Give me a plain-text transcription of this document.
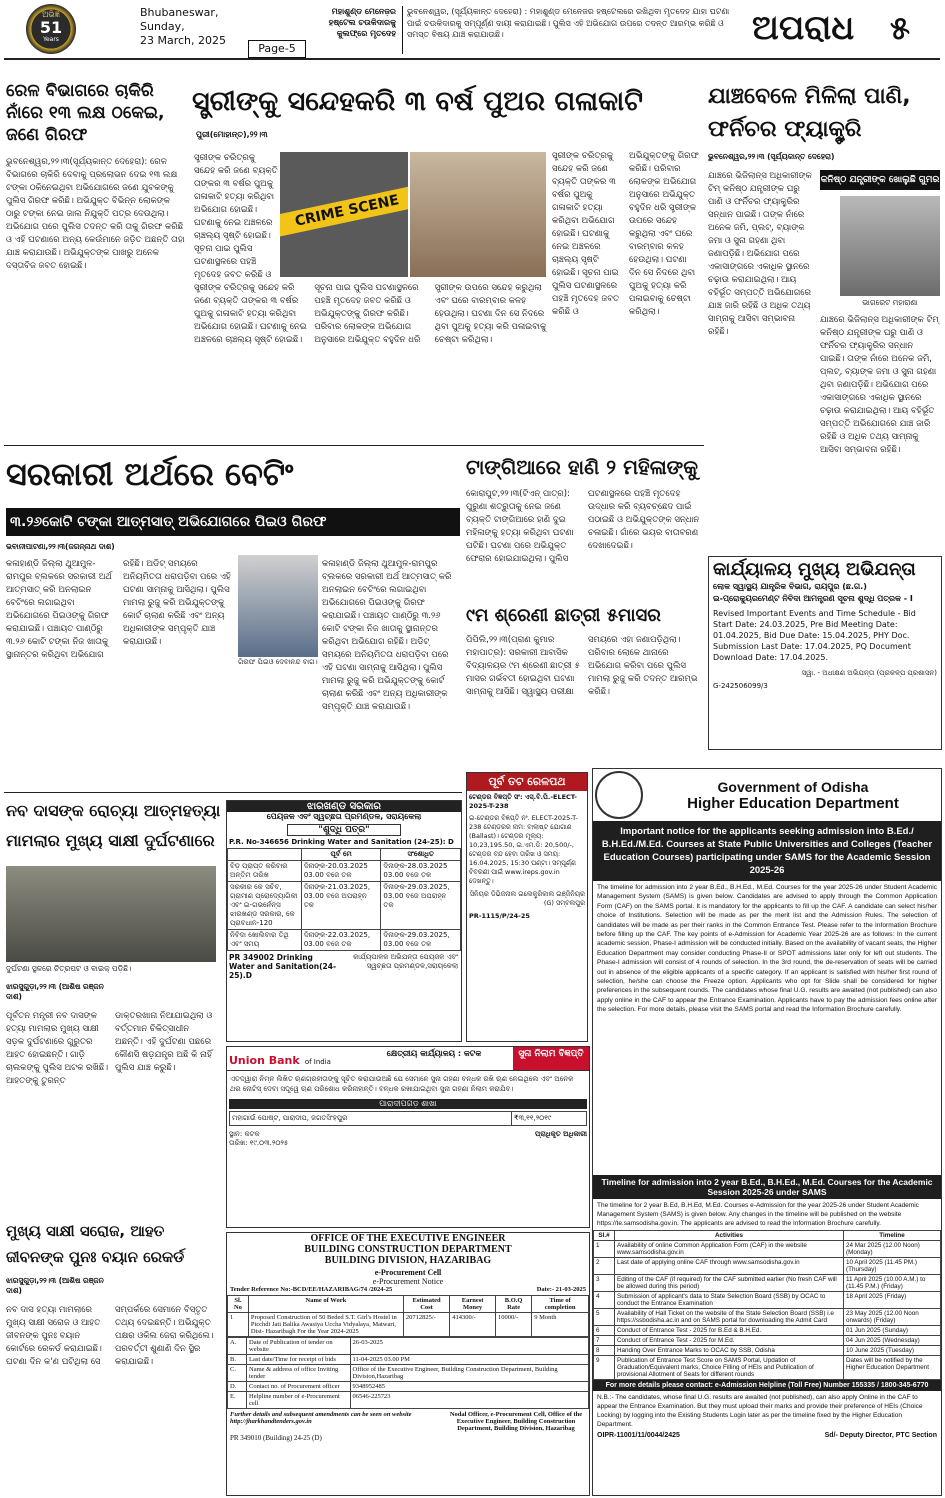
ଅଭିଜ୍ଞ
51
Years
Bhubaneswar,
Sunday,
23 March, 2025
Page-5
ମହାଶୁଣ୍ଡ ମେନେଜ଼ର
ହଷ୍ଟେଲ ଚଉକିଦାରକୁ
କୁଲଫ୍ରେ ମୃତଦେହ
ଭୁବନେଶ୍ୱର, (ସୂର୍ଯ୍ୟକାନ୍ତ ଦେହେରା) : ମହାଶୁଣ୍ଡ ମେନେଜର ହଷ୍ଟେଲରେ ରଖିଥିବା ମୃତଦେହ ଯାହା ଘଟଣା ପାଇଁ ଚଉକିଦାରକୁ ସମ୍ପୂର୍ଣ୍ଣ ଦାୟୀ କରାଯାଇଛି। ପୁଲିସ ଏହି ଅଭିଯୋଗ ଉପରେ ତଦନ୍ତ ଆରମ୍ଭ କରିଛି ଓ ସମସ୍ତ ବିଷୟ ଯାଞ୍ଚ କରାଯାଉଛି।	ଅପରାଧ	୫
ରେଳ ବିଭାଗରେ ଚାକିରି ନାଁରେ ୧୩ ଲକ୍ଷ ଠକେଇ, ଜଣେ ଗିରଫ
ଭୁବନେଶ୍ୱର,୨୨।୩(ସୂର୍ଯ୍ୟକାନ୍ତ ଦେହେରା): ରେଳ ବିଭାଗରେ ଚାକିରି ଦେବାକୁ ପ୍ରଲୋଭନ ଦେଇ ୧୩ ଲକ୍ଷ ଟଙ୍କା ଠକିନେଇଥିବା ଅଭିଯୋଗରେ ଜଣେ ଯୁବକଙ୍କୁ ପୁଲିସ ଗିରଫ କରିଛି। ଅଭିଯୁକ୍ତ ବିଭିନ୍ନ ଲୋକଙ୍କ ଠାରୁ ଟଙ୍କା ନେଇ ଜାଲ ନିଯୁକ୍ତି ପତ୍ର ଦେଉଥିଲା। ଅଭିଯୋଗ ପରେ ପୁଲିସ ତଦନ୍ତ କରି ତାକୁ ଗିରଫ କରିଛି ଓ ଏହି ଘଟଣାରେ ଅନ୍ୟ କେଉଁମାନେ ଜଡ଼ିତ ଅଛନ୍ତି ତାହା ଯାଞ୍ଚ କରାଯାଉଛି। ଅଭିଯୁକ୍ତଙ୍କ ପାଖରୁ ଅନେକ ଦସ୍ତାବିଜ ଜବତ ହୋଇଛି।
ସ୍ତ୍ରୀଙ୍କୁ ସନ୍ଦେହକରି ୩ ବର୍ଷ ପୁଅର ଗଳାକାଟି
ପୁରୀ(ମୋହାନ୍ତ),୨୨।୩
CRIME SCENE
ସ୍ତ୍ରୀଙ୍କ ଚରିତ୍ରକୁ ସନ୍ଦେହ କରି ଜଣେ ବ୍ୟକ୍ତି ତାଙ୍କର ୩ ବର୍ଷର ପୁଅକୁ ଗଳାକାଟି ହତ୍ୟା କରିଥିବା ଅଭିଯୋଗ ହୋଇଛି। ଘଟଣାକୁ ନେଇ ଅଞ୍ଚଳରେ ଚାଞ୍ଚଲ୍ୟ ସୃଷ୍ଟି ହୋଇଛି। ସୂଚନା ପାଇ ପୁଲିସ ଘଟଣାସ୍ଥଳରେ ପହଞ୍ଚି ମୃତଦେହ ଜବତ କରିଛି ଓ
ସ୍ତ୍ରୀଙ୍କ ଚରିତ୍ରକୁ ସନ୍ଦେହ କରି ଜଣେ ବ୍ୟକ୍ତି ତାଙ୍କର ୩ ବର୍ଷର ପୁଅକୁ ଗଳାକାଟି ହତ୍ୟା କରିଥିବା ଅଭିଯୋଗ ହୋଇଛି। ଘଟଣାକୁ ନେଇ ଅଞ୍ଚଳରେ ଚାଞ୍ଚଲ୍ୟ ସୃଷ୍ଟି ହୋଇଛି। ସୂଚନା ପାଇ ପୁଲିସ ଘଟଣାସ୍ଥଳରେ ପହଞ୍ଚି ମୃତଦେହ ଜବତ କରିଛି ଓ ଅଭିଯୁକ୍ତଙ୍କୁ ଗିରଫ କରିଛି। ପରିବାର ଲୋକଙ୍କ ଅଭିଯୋଗ ଅନୁସାରେ ଅଭିଯୁକ୍ତ ବହୁଦିନ ଧରି ସ୍ତ୍ରୀଙ୍କ ଉପରେ ସନ୍ଦେହ କରୁଥିଲା ଏବଂ ଘରେ ବାରମ୍ବାର କଳହ ହେଉଥିଲା। ଘଟଣା ଦିନ ସେ ନିଦରେ ଥିବା ପୁଅକୁ ହତ୍ୟା କରି ପଳାଇବାକୁ ଚେଷ୍ଟା କରିଥିଲା।
ସ୍ତ୍ରୀଙ୍କ ଚରିତ୍ରକୁ ସନ୍ଦେହ କରି ଜଣେ ବ୍ୟକ୍ତି ତାଙ୍କର ୩ ବର୍ଷର ପୁଅକୁ ଗଳାକାଟି ହତ୍ୟା କରିଥିବା ଅଭିଯୋଗ ହୋଇଛି। ଘଟଣାକୁ ନେଇ ଅଞ୍ଚଳରେ ଚାଞ୍ଚଲ୍ୟ ସୃଷ୍ଟି ହୋଇଛି। ସୂଚନା ପାଇ ପୁଲିସ ଘଟଣାସ୍ଥଳରେ ପହଞ୍ଚି ମୃତଦେହ ଜବତ କରିଛି ଓ ଅଭିଯୁକ୍ତଙ୍କୁ ଗିରଫ କରିଛି। ପରିବାର ଲୋକଙ୍କ ଅଭିଯୋଗ ଅନୁସାରେ ଅଭିଯୁକ୍ତ ବହୁଦିନ ଧରି ସ୍ତ୍ରୀଙ୍କ ଉପରେ ସନ୍ଦେହ କରୁଥିଲା ଏବଂ ଘରେ ବାରମ୍ବାର କଳହ ହେଉଥିଲା। ଘଟଣା ଦିନ ସେ ନିଦରେ ଥିବା ପୁଅକୁ ହତ୍ୟା କରି ପଳାଇବାକୁ ଚେଷ୍ଟା କରିଥିଲା।
ଯାଞ୍ଚବେଳେ ମିଳିଲା ପାଣି, ଫର୍ନିଚର ଫ୍ୟାକ୍ଟ୍ରି
ଭୁବନେଶ୍ୱର,୨୨।୩ (ସୂର୍ଯ୍ୟକାନ୍ତ ଦେହେରା)
କନିଷ୍ଠ ଯନ୍ତ୍ରୀଙ୍କ ଖୋଲୁଛି ଗୁମର
ଭାଗରେଟ ମହାରାଣା
ଯାଞ୍ଚରେ ଭିଜିଲାନ୍ସ ଅଧିକାରୀଙ୍କ ଟିମ୍ କନିଷ୍ଠ ଯନ୍ତ୍ରୀଙ୍କ ଘରୁ ପାଣି ଓ ଫର୍ନିଚର ଫ୍ୟାକ୍ଟ୍ରିର ସନ୍ଧାନ ପାଇଛି। ତାଙ୍କ ନାଁରେ ଅନେକ ଜମି, ପ୍ଲଟ୍, ବ୍ୟାଙ୍କ ଜମା ଓ ସୁନା ଗହଣା ଥିବା ଜଣାପଡ଼ିଛି। ଅଭିଯୋଗ ପରେ ଏକାସାଙ୍ଗରେ ଏକାଧିକ ସ୍ଥାନରେ ଚଢ଼ାଉ କରାଯାଇଥିଲା। ଆୟ ବହିର୍ଭୂତ ସମ୍ପତ୍ତି ଅଭିଯୋଗରେ ଯାଞ୍ଚ ଜାରି ରହିଛି ଓ ଅଧିକ ତଥ୍ୟ ସାମ୍ନାକୁ ଆସିବା ସମ୍ଭାବନା ରହିଛି।
ଯାଞ୍ଚରେ ଭିଜିଲାନ୍ସ ଅଧିକାରୀଙ୍କ ଟିମ୍ କନିଷ୍ଠ ଯନ୍ତ୍ରୀଙ୍କ ଘରୁ ପାଣି ଓ ଫର୍ନିଚର ଫ୍ୟାକ୍ଟ୍ରିର ସନ୍ଧାନ ପାଇଛି। ତାଙ୍କ ନାଁରେ ଅନେକ ଜମି, ପ୍ଲଟ୍, ବ୍ୟାଙ୍କ ଜମା ଓ ସୁନା ଗହଣା ଥିବା ଜଣାପଡ଼ିଛି। ଅଭିଯୋଗ ପରେ ଏକାସାଙ୍ଗରେ ଏକାଧିକ ସ୍ଥାନରେ ଚଢ଼ାଉ କରାଯାଇଥିଲା। ଆୟ ବହିର୍ଭୂତ ସମ୍ପତ୍ତି ଅଭିଯୋଗରେ ଯାଞ୍ଚ ଜାରି ରହିଛି ଓ ଅଧିକ ତଥ୍ୟ ସାମ୍ନାକୁ ଆସିବା ସମ୍ଭାବନା ରହିଛି।
ସରକାରୀ ଅର୍ଥରେ ବେଟିଂ
୩.୨୬କୋଟି ଟଙ୍କା ଆତ୍ମସାତ୍ ଅଭିଯୋଗରେ ପିଇଓ ଗିରଫ
ଭବାନୀପାଟଣା,୨୨।୩(ଜଗନ୍ନାଥ ଦାଶ)
କଳାହାଣ୍ଡି ଜିଲ୍ଲା ଥୁଆମୁଳ-ରାମପୁର ବ୍ଲକରେ ସରକାରୀ ଅର୍ଥ ଆତ୍ମସାତ୍ କରି ଅନଲାଇନ ବେଟିଂରେ ଲଗାଇଥିବା ଅଭିଯୋଗରେ ପିଇଓଙ୍କୁ ଗିରଫ କରାଯାଇଛି। ପଞ୍ଚାୟତ ପାଣ୍ଠିରୁ ୩.୨୬ କୋଟି ଟଙ୍କା ନିଜ ଖାତାକୁ ସ୍ଥାନାନ୍ତର କରିଥିବା ଅଭିଯୋଗ ରହିଛି। ଅଡିଟ୍ ସମୟରେ ଅନିୟମିତତା ଧରାପଡ଼ିବା ପରେ ଏହି ଘଟଣା ସାମ୍ନାକୁ ଆସିଥିଲା। ପୁଲିସ ମାମଲା ରୁଜୁ କରି ଅଭିଯୁକ୍ତଙ୍କୁ କୋର୍ଟ ଚାଲାଣ କରିଛି ଏବଂ ଅନ୍ୟ ଅଧିକାରୀଙ୍କ ସମ୍ପୃକ୍ତି ଯାଞ୍ଚ କରାଯାଉଛି।
ଗିରଫ ପିଇଓ ଦେବାନନ୍ଦ ବାଗ।
କଳାହାଣ୍ଡି ଜିଲ୍ଲା ଥୁଆମୁଳ-ରାମପୁର ବ୍ଲକରେ ସରକାରୀ ଅର୍ଥ ଆତ୍ମସାତ୍ କରି ଅନଲାଇନ ବେଟିଂରେ ଲଗାଇଥିବା ଅଭିଯୋଗରେ ପିଇଓଙ୍କୁ ଗିରଫ କରାଯାଇଛି। ପଞ୍ଚାୟତ ପାଣ୍ଠିରୁ ୩.୨୬ କୋଟି ଟଙ୍କା ନିଜ ଖାତାକୁ ସ୍ଥାନାନ୍ତର କରିଥିବା ଅଭିଯୋଗ ରହିଛି। ଅଡିଟ୍ ସମୟରେ ଅନିୟମିତତା ଧରାପଡ଼ିବା ପରେ ଏହି ଘଟଣା ସାମ୍ନାକୁ ଆସିଥିଲା। ପୁଲିସ ମାମଲା ରୁଜୁ କରି ଅଭିଯୁକ୍ତଙ୍କୁ କୋର୍ଟ ଚାଲାଣ କରିଛି ଏବଂ ଅନ୍ୟ ଅଧିକାରୀଙ୍କ ସମ୍ପୃକ୍ତି ଯାଞ୍ଚ କରାଯାଉଛି।
ଟାଙ୍ଗିଆରେ ହାଣି ୨ ମହିଳାଙ୍କୁ
କୋରାପୁଟ,୨୨।୩(ଟିଏନ୍ ପାତ୍ର): ପୁରୁଣା ଶତ୍ରୁତାକୁ ନେଇ ଜଣେ ବ୍ୟକ୍ତି ଟାଙ୍ଗିଆରେ ହାଣି ଦୁଇ ମହିଳାଙ୍କୁ ହତ୍ୟା କରିଥିବା ଘଟଣା ଘଟିଛି। ଘଟଣା ପରେ ଅଭିଯୁକ୍ତ ଫେରାର ହୋଇଯାଇଥିଲା। ପୁଲିସ ଘଟଣାସ୍ଥଳରେ ପହଞ୍ଚି ମୃତଦେହ ଉଦ୍ଧାର କରି ବ୍ୟବଚ୍ଛେଦ ପାଇଁ ପଠାଇଛି ଓ ଅଭିଯୁକ୍ତଙ୍କ ସନ୍ଧାନ ଚଳାଇଛି। ଗାଁରେ ଭୟର ବାତାବରଣ ଦେଖାଦେଇଛି।
୯ମ ଶ୍ରେଣୀ ଛାତ୍ରୀ ୫ମାସର
ପିପିଲି,୨୨।୩(ପ୍ରାଣ କୁମାର ମହାପାତ୍ର): ସରକାରୀ ଆବାସିକ ବିଦ୍ୟାଳୟର ୯ମ ଶ୍ରେଣୀ ଛାତ୍ରୀ ୫ ମାସର ଗର୍ଭବତୀ ହୋଇଥିବା ଘଟଣା ସାମ୍ନାକୁ ଆସିଛି। ସ୍ୱାସ୍ଥ୍ୟ ପରୀକ୍ଷା ସମୟରେ ଏହା ଜଣାପଡ଼ିଥିଲା। ପରିବାର ଲୋକେ ଥାନାରେ ଅଭିଯୋଗ କରିବା ପରେ ପୁଲିସ ମାମଲା ରୁଜୁ କରି ତଦନ୍ତ ଆରମ୍ଭ କରିଛି।
କାର୍ଯ୍ୟାଳୟ ମୁଖ୍ୟ ଅଭିଯନ୍ତା
ଲୋକ ସ୍ୱାସ୍ଥ୍ୟ ଯାନ୍ତ୍ରିକ ବିଭାଗ, ରାୟପୁର (ଛ.ଗ.)
ଇ-ପ୍ରୋକ୍ୟୁରମେଣ୍ଟ ନିବିଦା ଆମନ୍ତ୍ରଣ ସୂଚନା ଶୁଦ୍ଧି ପତ୍ରକ - I
Revised Important Events and Time Schedule - Bid Start Date: 24.03.2025, Pre Bid Meeting Date: 01.04.2025, Bid Due Date: 15.04.2025, PHY Doc. Submission Last Date: 17.04.2025, PQ Document Download Date: 17.04.2025.
ସ୍ୱା. - ଅଧୀକ୍ଷଣ ଅଭିଯନ୍ତା (ପ୍ରକଳ୍ପ ପ୍ରଶାସନ)
G-242506099/3
ନବ ଦାସଙ୍କ ରୋଚ୍ୟା ଆତ୍ମହତ୍ୟା ମାମଲାର ମୁଖ୍ୟ ସାକ୍ଷୀ ଦୁର୍ଘଟଣାରେ
ଦୁର୍ଘଟଣା ସ୍ଥଳରେ ଚିତ୍ରପଟ ଓ ବାଇକ୍ ପଡ଼ିଛି।
ଝାରସୁଗୁଡ଼ା,୨୨।୩ (ଆଶିଷ ରଞ୍ଜନ ଦାଶ)
ପୂର୍ବତନ ମନ୍ତ୍ରୀ ନବ ଦାସଙ୍କ ହତ୍ୟା ମାମଲାର ମୁଖ୍ୟ ସାକ୍ଷୀ ସଡ଼କ ଦୁର୍ଘଟଣାରେ ଗୁରୁତର ଆହତ ହୋଇଛନ୍ତି। ଗାଡ଼ି ଚାଲକଙ୍କୁ ପୁଲିସ ଅଟକ ରଖିଛି। ଆହତଙ୍କୁ ତୁରନ୍ତ ଡାକ୍ତରଖାନା ନିଆଯାଇଥିଲା ଓ ବର୍ତ୍ତମାନ ଚିକିତ୍ସାଧୀନ ଅଛନ୍ତି। ଏହି ଦୁର୍ଘଟଣା ପଛରେ କୌଣସି ଷଡ଼ଯନ୍ତ୍ର ଅଛି କି ନାହିଁ ପୁଲିସ ଯାଞ୍ଚ କରୁଛି।
ମୁଖ୍ୟ ସାକ୍ଷୀ ସରୋଜ, ଆହତ ଜୀବନଙ୍କ ପୁନଃ ବୟାନ ରେକର୍ଡ
ଝାରସୁଗୁଡ଼ା,୨୨।୩ (ଆଶିଷ ରଞ୍ଜନ ଦାଶ)
ନବ ଦାସ ହତ୍ୟା ମାମଲାରେ ମୁଖ୍ୟ ସାକ୍ଷୀ ସରୋଜ ଓ ଆହତ ଜୀବନଙ୍କ ପୁନଃ ବୟାନ କୋର୍ଟରେ ରେକର୍ଡ କରାଯାଇଛି। ଘଟଣା ଦିନ କ'ଣ ଘଟିଥିଲା ସେ ସମ୍ପର୍କରେ ସେମାନେ ବିସ୍ତୃତ ତଥ୍ୟ ଦେଇଛନ୍ତି। ଅଭିଯୁକ୍ତ ପକ୍ଷର ଓକିଲ ଜେରା କରିଥିଲେ। ପରବର୍ତ୍ତୀ ଶୁଣାଣି ଦିନ ସ୍ଥିର କରାଯାଇଛି।
ଝାରଖଣ୍ଡ ସରକାର
ପେୟଜଳ ଏବଂ ସ୍ୱଚ୍ଛତା ପ୍ରମଣ୍ଡଳ, ସରାୟକେଲା
"ଶୁଦ୍ଧି ପତ୍ର"
P.R. No-346656 Drinking Water and Sanitation (24-25): D
	ପୂର୍ବ ମେ	ସଂଶୋଧିତ
ବିଡ଼ ପ୍ରାପ୍ତ କରିବାର ଅନ୍ତିମ ତାରିଖ	ଦିନାଙ୍କ-20.03.2025 03.00 ବଜେ ତକ	ଦିନାଙ୍କ-28.03.2025 03.00 ବଜେ ତକ
ସରକାର କେ ସଚିବ, ଗ୍ରାମୀଣ ପ୍ରୋଦ୍ୟୋଗିକୀ ଏବଂ ଇ-ଗଭର୍ନେନ୍ସ ଝାରଖଣ୍ଡ ସରକାର, କେ ପ୍ରାବଧାନ-120	ଦିନାଙ୍କ-21.03.2025, 03.00 ବଜେ ଅପରାହ୍ନ ତକ	ଦିନାଙ୍କ-29.03.2025, 03.00 ବଜେ ଅପରାହ୍ନ ତକ
ନିବିଦା ଖୋଲିବାର ତିଥି ଏବଂ ସମୟ	ଦିନାଙ୍କ-22.03.2025, 03.00 ବଜେ ତକ	ଦିନାଙ୍କ-29.03.2025, 03.00 ବଜେ ତକ
PR 349002 Drinking Water and Sanitation(24-25).D କାର୍ଯ୍ୟପାଳକ ଅଭିଯନ୍ତା ପେୟଜଳ ଏବଂ ସ୍ୱଚ୍ଛତା ପ୍ରମଣ୍ଡଳ,ସରାୟକେଲା
ପୂର୍ବ ତଟ ରେଳପଥ
ଟେଣ୍ଡର ବିଜ୍ଞପ୍ତି ସଂ: ଏସ୍.ବି.ପି.-ELECT-2025-T-238
ଇ-ଟେଣ୍ଡର ବିଜ୍ଞପ୍ତି ନଂ. ELECT-2025-T-238 ଟେଣ୍ଡରର ନାମ: ବାଲାଷ୍ଟ ଯୋଗାଣ (Ballast)। ଟେଣ୍ଡର ମୂଲ୍ୟ: 10,23,195.50, ଇ.ଏମ.ଡି: 20,500/-, ଟେଣ୍ଡର ବନ୍ଦ ହେବା ତାରିଖ ଓ ସମୟ: 16.04.2025, 15:30 ଘଣ୍ଟା। ସମ୍ପୂର୍ଣ୍ଣ ବିବରଣୀ ପାଇଁ www.ireps.gov.in ଦେଖନ୍ତୁ।
ସିନିୟର ଡିଭିଜନାଲ ଇଲେକ୍ଟ୍ରିକାଲ ଇଞ୍ଜିନିୟର (G) ସମ୍ବଲପୁର
PR-1115/P/24-25
Union Bank of India
କ୍ଷେତ୍ରୀୟ କାର୍ଯ୍ୟାଳୟ : କଟକ	ସୁନା ନିଲାମ ବିଜ୍ଞପ୍ତି
ଏତଦ୍ୱାରା ନିମ୍ନ ଲିଖିତ ଋଣଗ୍ରହୀତାଙ୍କୁ ସୂଚିତ କରାଯାଉଅଛି ଯେ ସେମାନେ ସୁନା ଗହଣା ବନ୍ଧକ ରଖି ଋଣ ନେଇଥିଲେ ଏବଂ ଅନେକ ଥର ନୋଟିସ୍ ଦେବା ସତ୍ତ୍ୱେ ଋଣ ପରିଶୋଧ କରିନାହାନ୍ତି। ବନ୍ଧକ ରଖାଯାଇଥିବା ସୁନା ଗହଣା ନିଲାମ କରାଯିବ।
ପାରାଦୀପଗଡ଼ ଶାଖା
ମହାଗାଉଁ ପୋଷ୍ଟ, ପାରାଦୀପ, ଜଗତସିଂହପୁର	₹୩,୧୧,୨୦୧୯
ସ୍ଥାନ: କଟକ
ତାରିଖ: ୧୯.୦୩.୨୦୨୫
ପ୍ରାଧିକୃତ ଅଧିକାରୀ
OFFICE OF THE EXECUTIVE ENGINEER
BUILDING CONSTRUCTION DEPARTMENT
BUILDING DIVISION, HAZARIBAG
e-Procurement Cell
e-Procurement Notice
Tender Reference No:-BCD/EE/HAZARIBAG/74 /2024-25	Date:- 21-03-2025
Sl. No	Name of Work	Estimated Cost	Earnest Money	B.O.Q Rate	Time of completion
1	Proposed Construction of 50 Beded S.T. Girl's Hostel in Picchdi Jati Balika Awasiya Uccha Vidyalaya, Matwari, Dist- Hazaribagh For the Year 2024-2025	20712825/-	414300/-	10000/-	9 Month
A.	Date of Publication of tender on website	26-03-2025
B.	Last date/Time for receipt of bids	11-04-2025 03.00 PM
C.	Name & address of office Inviting tender	Office of the Executive Engineer, Building Construction Department, Building Division,Hazaribag
D.	Contact no. of Procurement officer	9348952485
E.	Helpline number of e-Procurement cell	06546-225723
Further details and subsequent amendments can be seen on website http://jharkhandtenders.gov.in
Nodal Officer, e-Procurement Cell, Office of the Executive Engineer, Building Construction Department, Building Division, Hazaribag
PR 349010 (Building) 24-25 (D)
Government of Odisha
Higher Education Department
Important notice for the applicants seeking admission into B.Ed./ B.H.Ed./M.Ed. Courses at State Public Universities and Colleges (Teacher Education Courses) participating under SAMS for the Academic Session 2025-26
The timeline for admission into 2 year B.Ed., B.H.Ed., M.Ed. Courses for the year 2025-26 under Student Academic Management System (SAMS) is given below. Candidates are advised to apply through the Common Application Form (CAF) on the SAMS portal. It is mandatory for the applicants to fill up the CAF. A candidate can select his/her choice of Institutions. Selection will be made as per the merit list and the Admission Rules. The selection of candidates will be made as per their ranks in the Common Entrance Test. Please refer to the Information Brochure before filling up the CAF. The key points of e-Admission for Academic Year 2025-26 are as follows: In the current academic session, Phase-I admission will be conducted initially. Based on the availability of vacant seats, the Higher Education Department may consider conducting Phase-II or SPOT admissions later only for left out students. The Phase-I admission will consist of 4 rounds of selection. In the 3rd round, the de-reservation of seats will be carried out in absence of the eligible applicants of a specific category. If an applicant is satisfied with his/her first round of selection, he/she can choose the Freeze option. Applicants who opt for Slide shall be considered for higher preferences in the subsequent rounds. The candidates whose final U.G. results are awaited (not published) can also apply online in the CAF to appear the Entrance Examination. Applicants have to pay the admission fees online after the selection. For more details, please visit the SAMS portal and read the Information Brochure carefully.
Timeline for admission into 2 year B.Ed., B.H.Ed., M.Ed. Courses for the Academic Session 2025-26 under SAMS
The timeline for 2 year B.Ed, B.H.Ed, M.Ed. Courses e-Admission for the year 2025-26 under Student Academic Management System (SAMS) is given below. Any changes in the timeline will be published on the website https://te.samsodisha.gov.in. The applicants are advised to read the Information Brochure carefully.
Sl.#	Activities	Timeline
1	Availability of online Common Application Form (CAF) in the website www.samsodisha.gov.in	24 Mar 2025 (12.00 Noon) (Monday)
2	Last date of applying online CAF through www.samsodisha.gov.in	10 April 2025 (11.45 PM.) (Thursday)
3	Editing of the CAF (if required) for the CAF submitted earlier (No fresh CAF will be allowed during this period)	11 April 2025 (10.00 A.M.) to (11.45 P.M.) (Friday)
4	Submission of applicant's data to State Selection Board (SSB) by OCAC to conduct the Entrance Examination	18 April 2025 (Friday)
5	Availability of Hall Ticket on the website of the State Selection Board (SSB) i.e https://ssbodisha.ac.in and on SAMS portal for downloading the Admit Card	23 May 2025 (12.00 Noon onwards) (Friday)
6	Conduct of Entrance Test - 2025 for B.Ed & B.H.Ed.	01 Jun 2025 (Sunday)
7	Conduct of Entrance Test - 2025 for M.Ed.	04 Jun 2025 (Wednesday)
8	Handing Over Entrance Marks to OCAC by SSB, Odisha	10 June 2025 (Tuesday)
9	Publication of Entrance Test Score on SAMS Portal, Updation of Graduation/Equivalent marks, Choice Filling of HEIs and Publication of provisional Allotment of Seats for different rounds	Dates will be notified by the Higher Education Department
For more details please contact: e-Admission Helpline (Toll Free) Number 155335 / 1800-345-6770
N.B.:- The candidates, whose final U.G. results are awaited (not published), can also apply Online in the CAF to appear the Entrance Examination. But they must upload their marks and provide their preference of HEIs (Choice Locking) by logging into the Existing Students Login later as per the timeline fixed by the Higher Education Department.
OIPR-11001/11/0044/2425	Sd/- Deputy Director, PTC Section
